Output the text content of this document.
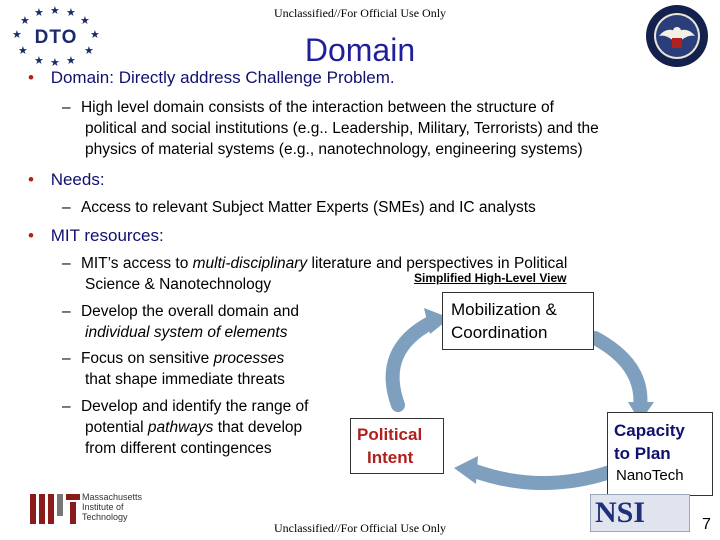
Unclassified//For Official Use Only
★ ★ ★
★	★
★	★
★	★
★ ★ ★
DTO	Domain
• Domain: Directly address Challenge Problem.
– High level domain consists of the interaction between the structure of
political and social institutions (e.g.. Leadership, Military, Terrorists) and the
physics of material systems (e.g., nanotechnology, engineering systems)
• Needs:
– Access to relevant Subject Matter Experts (SMEs) and IC analysts
• MIT resources:
– MIT’s access to multi-disciplinary literature and perspectives in Political
Science & Nanotechnology
– Develop the overall domain and
individual system of elements
– Focus on sensitive processes
that shape immediate threats
– Develop and identify the range of
potential pathways that develop
from different contingences
Simplified High-Level View
Mobilization &
Coordination
Political
Intent
Capacity
to Plan
NanoTech
Massachusetts
Institute of
Technology
Unclassified//For Official Use Only	NSI	7
